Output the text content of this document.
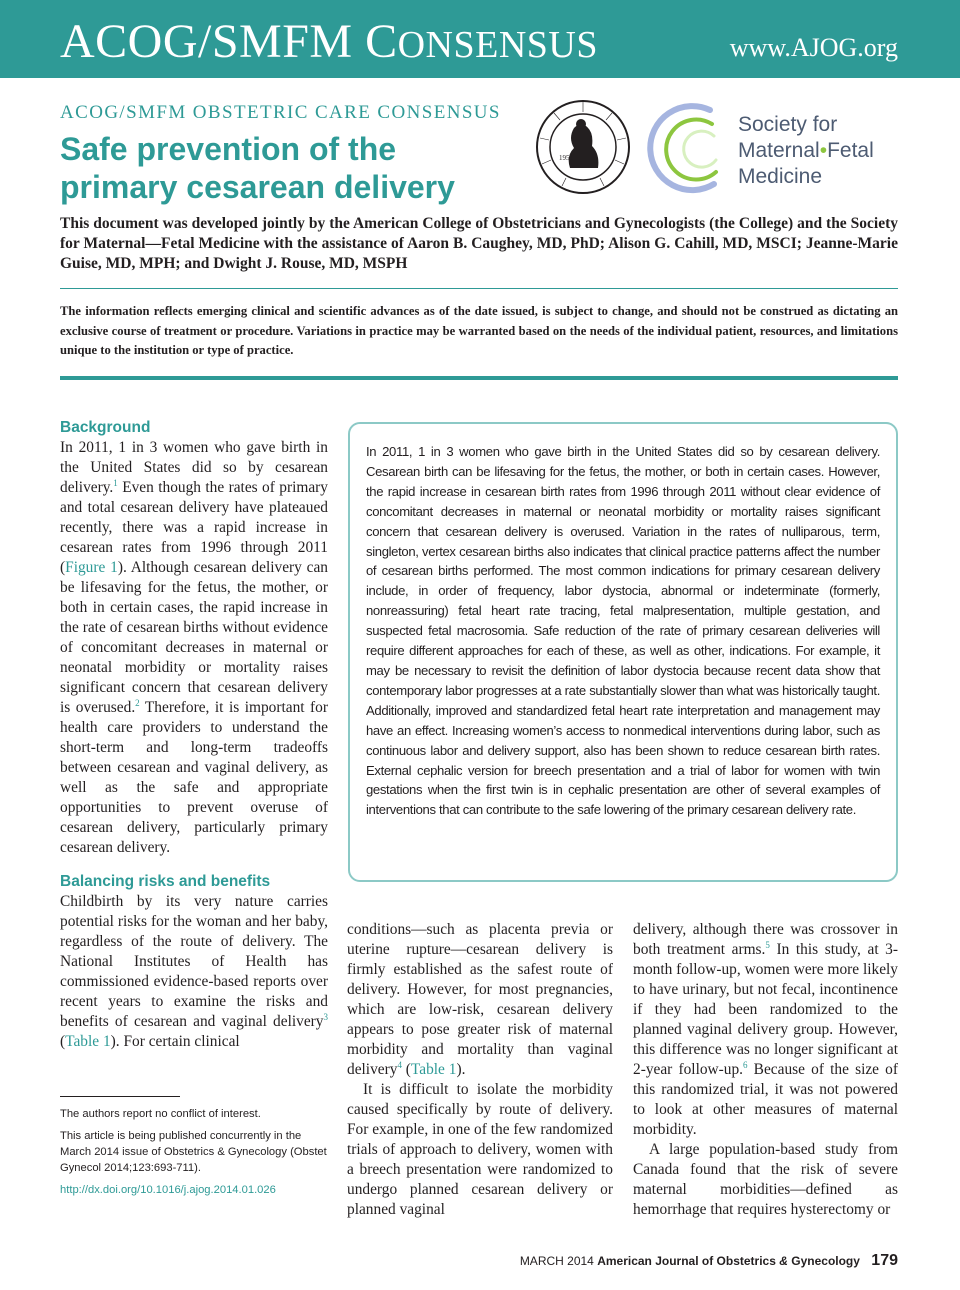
ACOG/SMFM CONSENSUS	www.AJOG.org
ACOG/SMFM OBSTETRIC CARE CONSENSUS
Safe prevention of the primary cesarean delivery
1951
Society for
Maternal•Fetal
Medicine

This document was developed jointly by the American College of Obstetricians and Gynecologists (the College) and the Society for Maternal—Fetal Medicine with the assistance of Aaron B. Caughey, MD, PhD; Alison G. Cahill, MD, MSCI; Jeanne-Marie Guise, MD, MPH; and Dwight J. Rouse, MD, MSPH

The information reflects emerging clinical and scientific advances as of the date issued, is subject to change, and should not be construed as dictating an exclusive course of treatment or procedure. Variations in practice may be warranted based on the needs of the individual patient, resources, and limitations unique to the institution or type of practice.

Background

In 2011, 1 in 3 women who gave birth in the United States did so by cesarean delivery.$^1$ Even though the rates of primary and total cesarean delivery have plateaued recently, there was a rapid increase in cesarean rates from 1996 through 2011 (Figure 1). Although cesarean delivery can be lifesaving for the fetus, the mother, or both in certain cases, the rapid increase in the rate of cesarean births without evidence of concomitant decreases in maternal or neonatal morbidity or mortality raises significant concern that cesarean delivery is overused.$^2$ Therefore, it is important for health care providers to understand the short-term and long-term tradeoffs between cesarean and vaginal delivery, as well as the safe and appropriate opportunities to prevent overuse of cesarean delivery, particularly primary cesarean delivery.

Balancing risks and benefits

Childbirth by its very nature carries potential risks for the woman and her baby, regardless of the route of delivery. The National Institutes of Health has commissioned evidence-based reports over recent years to examine the risks and benefits of cesarean and vaginal delivery$^3$ (Table 1). For certain clinical

In 2011, 1 in 3 women who gave birth in the United States did so by cesarean delivery. Cesarean birth can be lifesaving for the fetus, the mother, or both in certain cases. However, the rapid increase in cesarean birth rates from 1996 through 2011 without clear evidence of concomitant decreases in maternal or neonatal morbidity or mortality raises significant concern that cesarean delivery is overused. Variation in the rates of nulliparous, term, singleton, vertex cesarean births also indicates that clinical practice patterns affect the number of cesarean births performed. The most common indications for primary cesarean delivery include, in order of frequency, labor dystocia, abnormal or indeterminate (formerly, nonreassuring) fetal heart rate tracing, fetal malpresentation, multiple gestation, and suspected fetal macrosomia. Safe reduction of the rate of primary cesarean deliveries will require different approaches for each of these, as well as other, indications. For example, it may be necessary to revisit the definition of labor dystocia because recent data show that contemporary labor progresses at a rate substantially slower than what was historically taught. Additionally, improved and standardized fetal heart rate interpretation and management may have an effect. Increasing women’s access to nonmedical interventions during labor, such as continuous labor and delivery support, also has been shown to reduce cesarean birth rates. External cephalic version for breech presentation and a trial of labor for women with twin gestations when the first twin is in cephalic presentation are other of several examples of interventions that can contribute to the safe lowering of the primary cesarean delivery rate.

conditions—such as placenta previa or uterine rupture—cesarean delivery is firmly established as the safest route of delivery. However, for most pregnancies, which are low-risk, cesarean delivery appears to pose greater risk of maternal morbidity and mortality than vaginal delivery$^4$ (Table 1).

It is difficult to isolate the morbidity caused specifically by route of delivery. For example, in one of the few randomized trials of approach to delivery, women with a breech presentation were randomized to undergo planned cesarean delivery or planned vaginal

delivery, although there was crossover in both treatment arms.$^5$ In this study, at 3-month follow-up, women were more likely to have urinary, but not fecal, incontinence if they had been randomized to the planned vaginal delivery group. However, this difference was no longer significant at 2-year follow-up.$^6$ Because of the size of this randomized trial, it was not powered to look at other measures of maternal morbidity.

A large population-based study from Canada found that the risk of severe maternal morbidities—defined as hemorrhage that requires hysterectomy or

The authors report no conflict of interest.

This article is being published concurrently in the March 2014 issue of Obstetrics & Gynecology (Obstet Gynecol 2014;123:693-711).

http://dx.doi.org/10.1016/j.ajog.2014.01.026

MARCH 2014 American Journal of Obstetrics & Gynecology 179
